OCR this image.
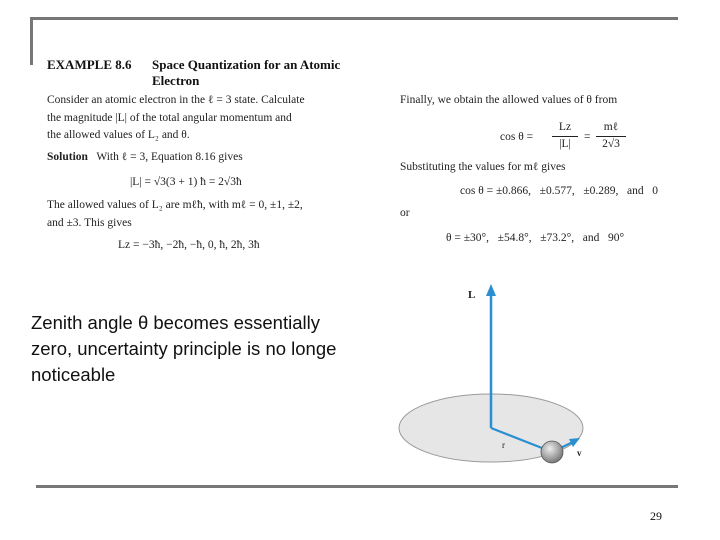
EXAMPLE 8.6 Space Quantization for an Atomic Electron
Consider an atomic electron in the ℓ = 3 state. Calculate
the magnitude |L| of the total angular momentum and
the allowed values of L₂ and θ.
Solution With ℓ = 3, Equation 8.16 gives
|L| = √3(3 + 1) ħ = 2√3ħ
The allowed values of L₂ are mℓħ, with mℓ = 0, ±1, ±2,
and ±3. This gives
Lz = −3ħ, −2ħ, −ħ, 0, ħ, 2ħ, 3ħ
Finally, we obtain the allowed values of θ from
cos θ =
Lz
|L|
=
mℓ
2√3
Substituting the values for mℓ gives
cos θ = ±0.866,   ±0.577,   ±0.289,   and   0
or
θ = ±30°,   ±54.8°,   ±73.2°,   and   90°
Zenith angle θ becomes essentially
zero, uncertainty principle is no longe
noticeable
L
r
v
29
